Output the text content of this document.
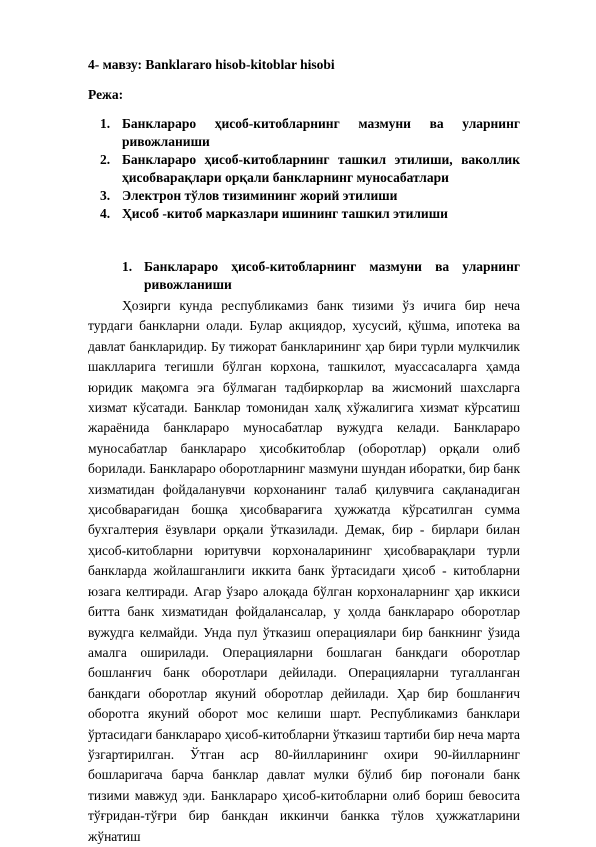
4- мавзу: Banklararo hisob-kitoblar hisobi
Режа:
1. Банклараро ҳисоб-китобларнинг мазмуни ва уларнинг
ривожланиши
2. Банклараро ҳисоб-китобларнинг ташкил этилиши, ваколлик
ҳисобварақлари орқали банкларнинг муносабатлари
3. Электрон тўлов тизимининг жорий этилиши
4. Ҳисоб -китоб марказлари ишининг ташкил этилиши
1. Банклараро ҳисоб-китобларнинг мазмуни ва уларнинг
ривожланиши

Ҳозирги кунда республикамиз банк тизими ўз ичига бир неча турдаги банкларни олади. Булар акциядор, хусусий, қўшма, ипотека ва давлат банкларидир. Бу тижорат банкларининг ҳар бири турли мулкчилик шаклларига тегишли бўлган корхона, ташкилот, муассасаларга ҳамда юридик мақомга эга бўлмаган тадбиркорлар ва жисмоний шахсларга хизмат кўсатади. Банклар томонидан халқ хўжалигига хизмат кўрсатиш жараёнида банклараро муносабатлар вужудга келади. Банклараро муносабатлар банклараро ҳисобкитоблар (оборотлар) орқали олиб борилади. Банклараро оборотларнинг мазмуни шундан иборатки, бир банк хизматидан фойдаланувчи корхонанинг талаб қилувчига сақланадиган ҳисобварағидан бошқа ҳисобварағига ҳужжатда кўрсатилган сумма бухгалтерия ёзувлари орқали ўтказилади. Демак, бир - бирлари билан ҳисоб-китобларни юритувчи корхоналарининг ҳисобварақлари турли банкларда жойлашганлиги иккита банк ўртасидаги ҳисоб - китобларни юзага келтиради. Агар ўзаро алоқада бўлган корхоналарнинг ҳар иккиси битта банк хизматидан фойдалансалар, у ҳолда банклараро оборотлар вужудга келмайди. Унда пул ўтказиш операциялари бир банкнинг ўзида амалга оширилади. Операцияларни бошлаган банкдаги оборотлар бошланғич банк оборотлари дейилади. Операцияларни тугалланган банкдаги оборотлар якуний оборотлар дейилади. Ҳар бир бошланғич оборотга якуний оборот мос келиши шарт. Республикамиз банклари ўртасидаги банклараро ҳисоб-китобларни ўтказиш тартиби бир неча марта ўзгартирилган. Ўтган аср 80-йилларининг охири 90-йилларнинг бошларигача барча банклар давлат мулки бўлиб бир поғонали банк тизими мавжуд эди. Банклараро ҳисоб-китобларни олиб бориш бевосита тўғридан-тўғри бир банкдан иккинчи банкка тўлов ҳужжатларини жўнатиш
